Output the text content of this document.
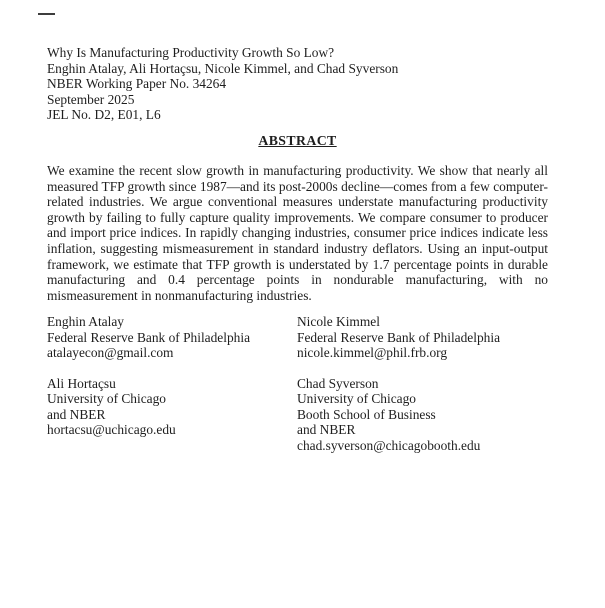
Why Is Manufacturing Productivity Growth So Low?
Enghin Atalay, Ali Hortaçsu, Nicole Kimmel, and Chad Syverson
NBER Working Paper No. 34264
September 2025
JEL No. D2, E01, L6
ABSTRACT

We examine the recent slow growth in manufacturing productivity. We show that nearly all measured TFP growth since 1987—and its post-2000s decline—comes from a few computer-related industries. We argue conventional measures understate manufacturing productivity growth by failing to fully capture quality improvements. We compare consumer to producer and import price indices. In rapidly changing industries, consumer price indices indicate less inflation, suggesting mismeasurement in standard industry deflators. Using an input-output framework, we estimate that TFP growth is understated by 1.7 percentage points in durable manufacturing and 0.4 percentage points in nondurable manufacturing, with no mismeasurement in nonmanufacturing industries.

Enghin Atalay
Federal Reserve Bank of Philadelphia
atalayecon@gmail.com
Nicole Kimmel
Federal Reserve Bank of Philadelphia
nicole.kimmel@phil.frb.org
Ali Hortaçsu
University of Chicago
and NBER
hortacsu@uchicago.edu
Chad Syverson
University of Chicago
Booth School of Business
and NBER
chad.syverson@chicagobooth.edu
